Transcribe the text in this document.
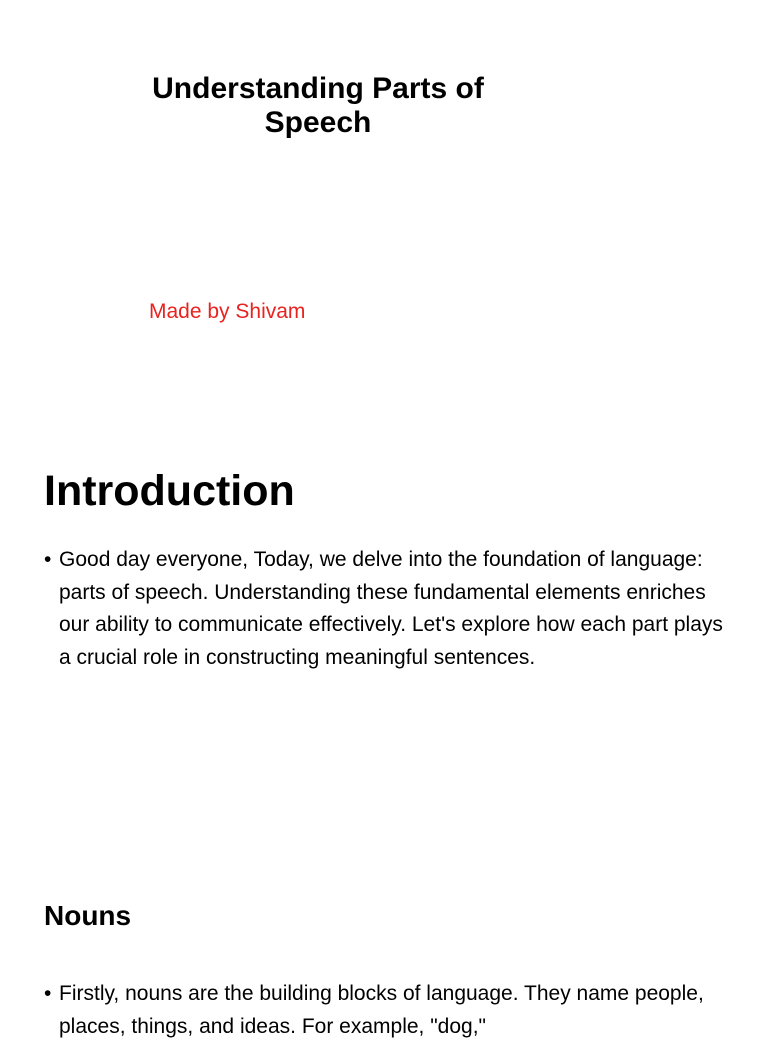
Understanding Parts of Speech

Made by Shivam

Introduction
• Good day everyone, Today, we delve into the foundation of language: parts of speech. Understanding these fundamental elements enriches our ability to communicate effectively. Let's explore how each part plays a crucial role in constructing meaningful sentences.
Nouns
• Firstly, nouns are the building blocks of language. They name people, places, things, and ideas. For example, "dog,"
